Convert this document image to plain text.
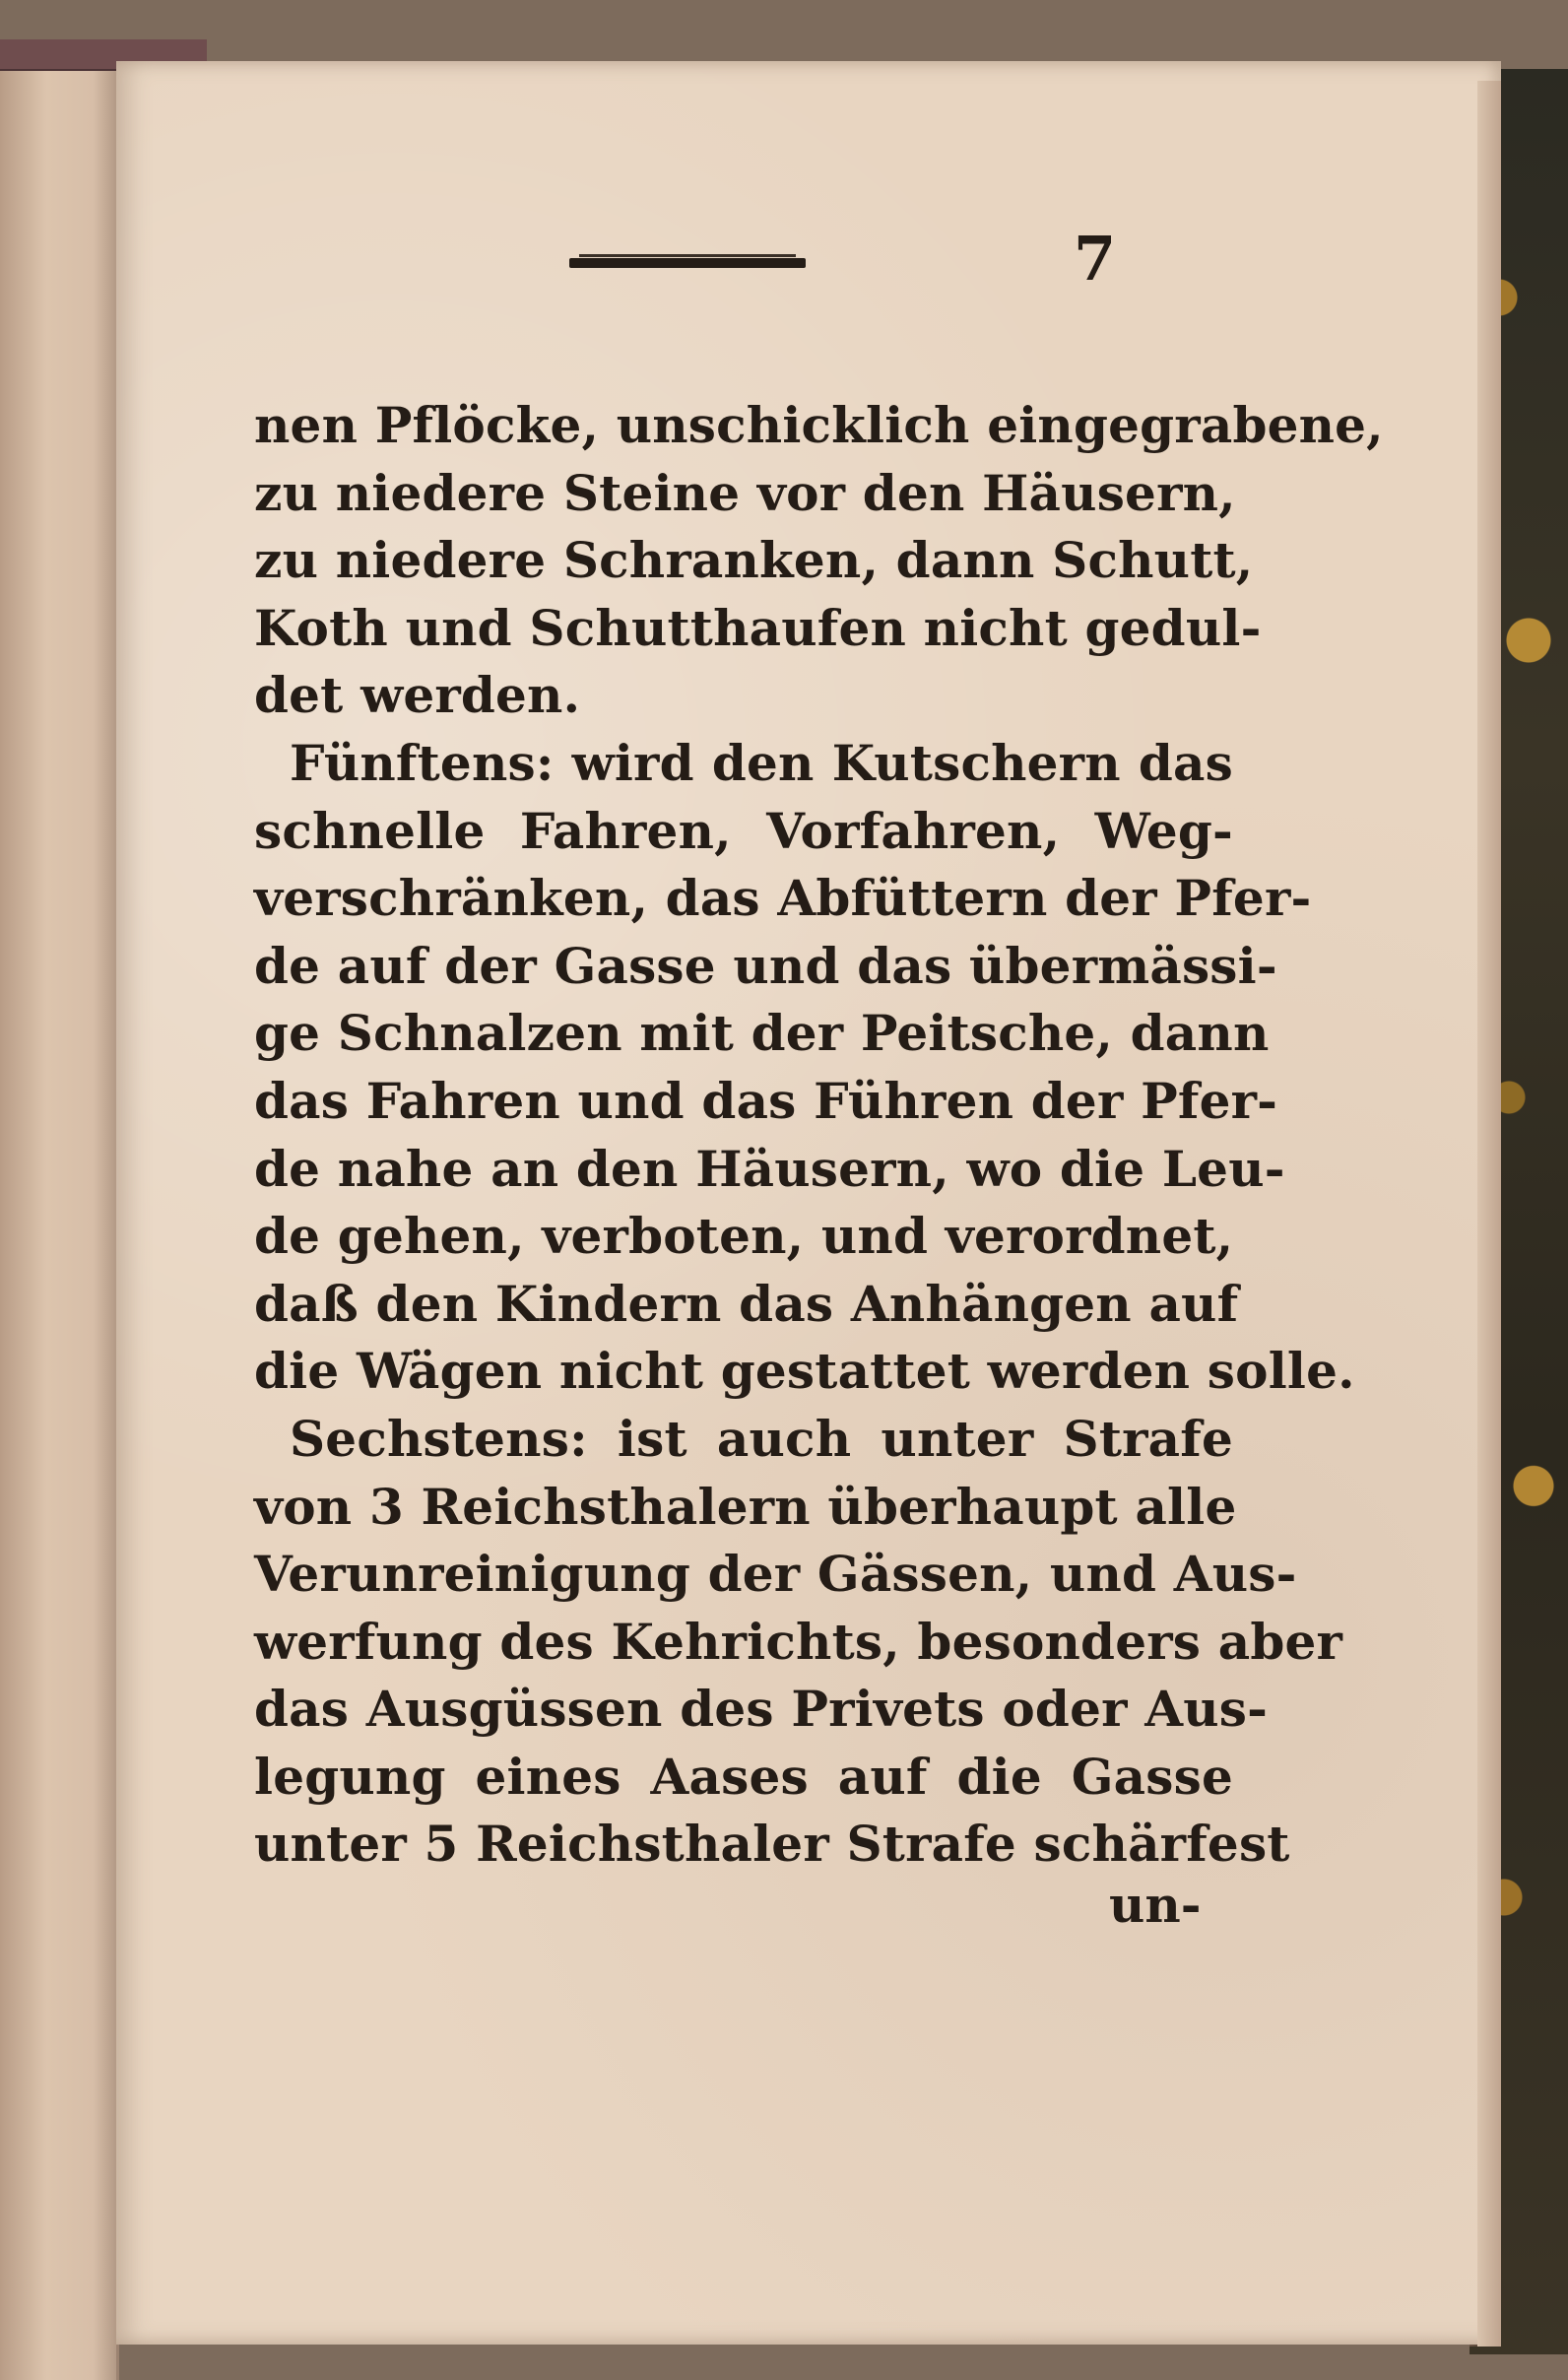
7
nen Pflöcke, unschicklich eingegrabene,
zu niedere Steine vor den Häusern,
zu niedere Schranken, dann Schutt,
Koth und Schutthaufen nicht gedul-
det werden.
Fünftens: wird den Kutschern das
schnelle Fahren, Vorfahren, Weg-
verschränken, das Abfüttern der Pfer-
de auf der Gasse und das übermässi-
ge Schnalzen mit der Peitsche, dann
das Fahren und das Führen der Pfer-
de nahe an den Häusern, wo die Leu-
de gehen, verboten, und verordnet,
daß den Kindern das Anhängen auf
die Wägen nicht gestattet werden solle.
Sechstens: ist auch unter Strafe
von 3 Reichsthalern überhaupt alle
Verunreinigung der Gässen, und Aus-
werfung des Kehrichts, besonders aber
das Ausgüssen des Privets oder Aus-
legung eines Aases auf die Gasse
unter 5 Reichsthaler Strafe schärfest
un-
